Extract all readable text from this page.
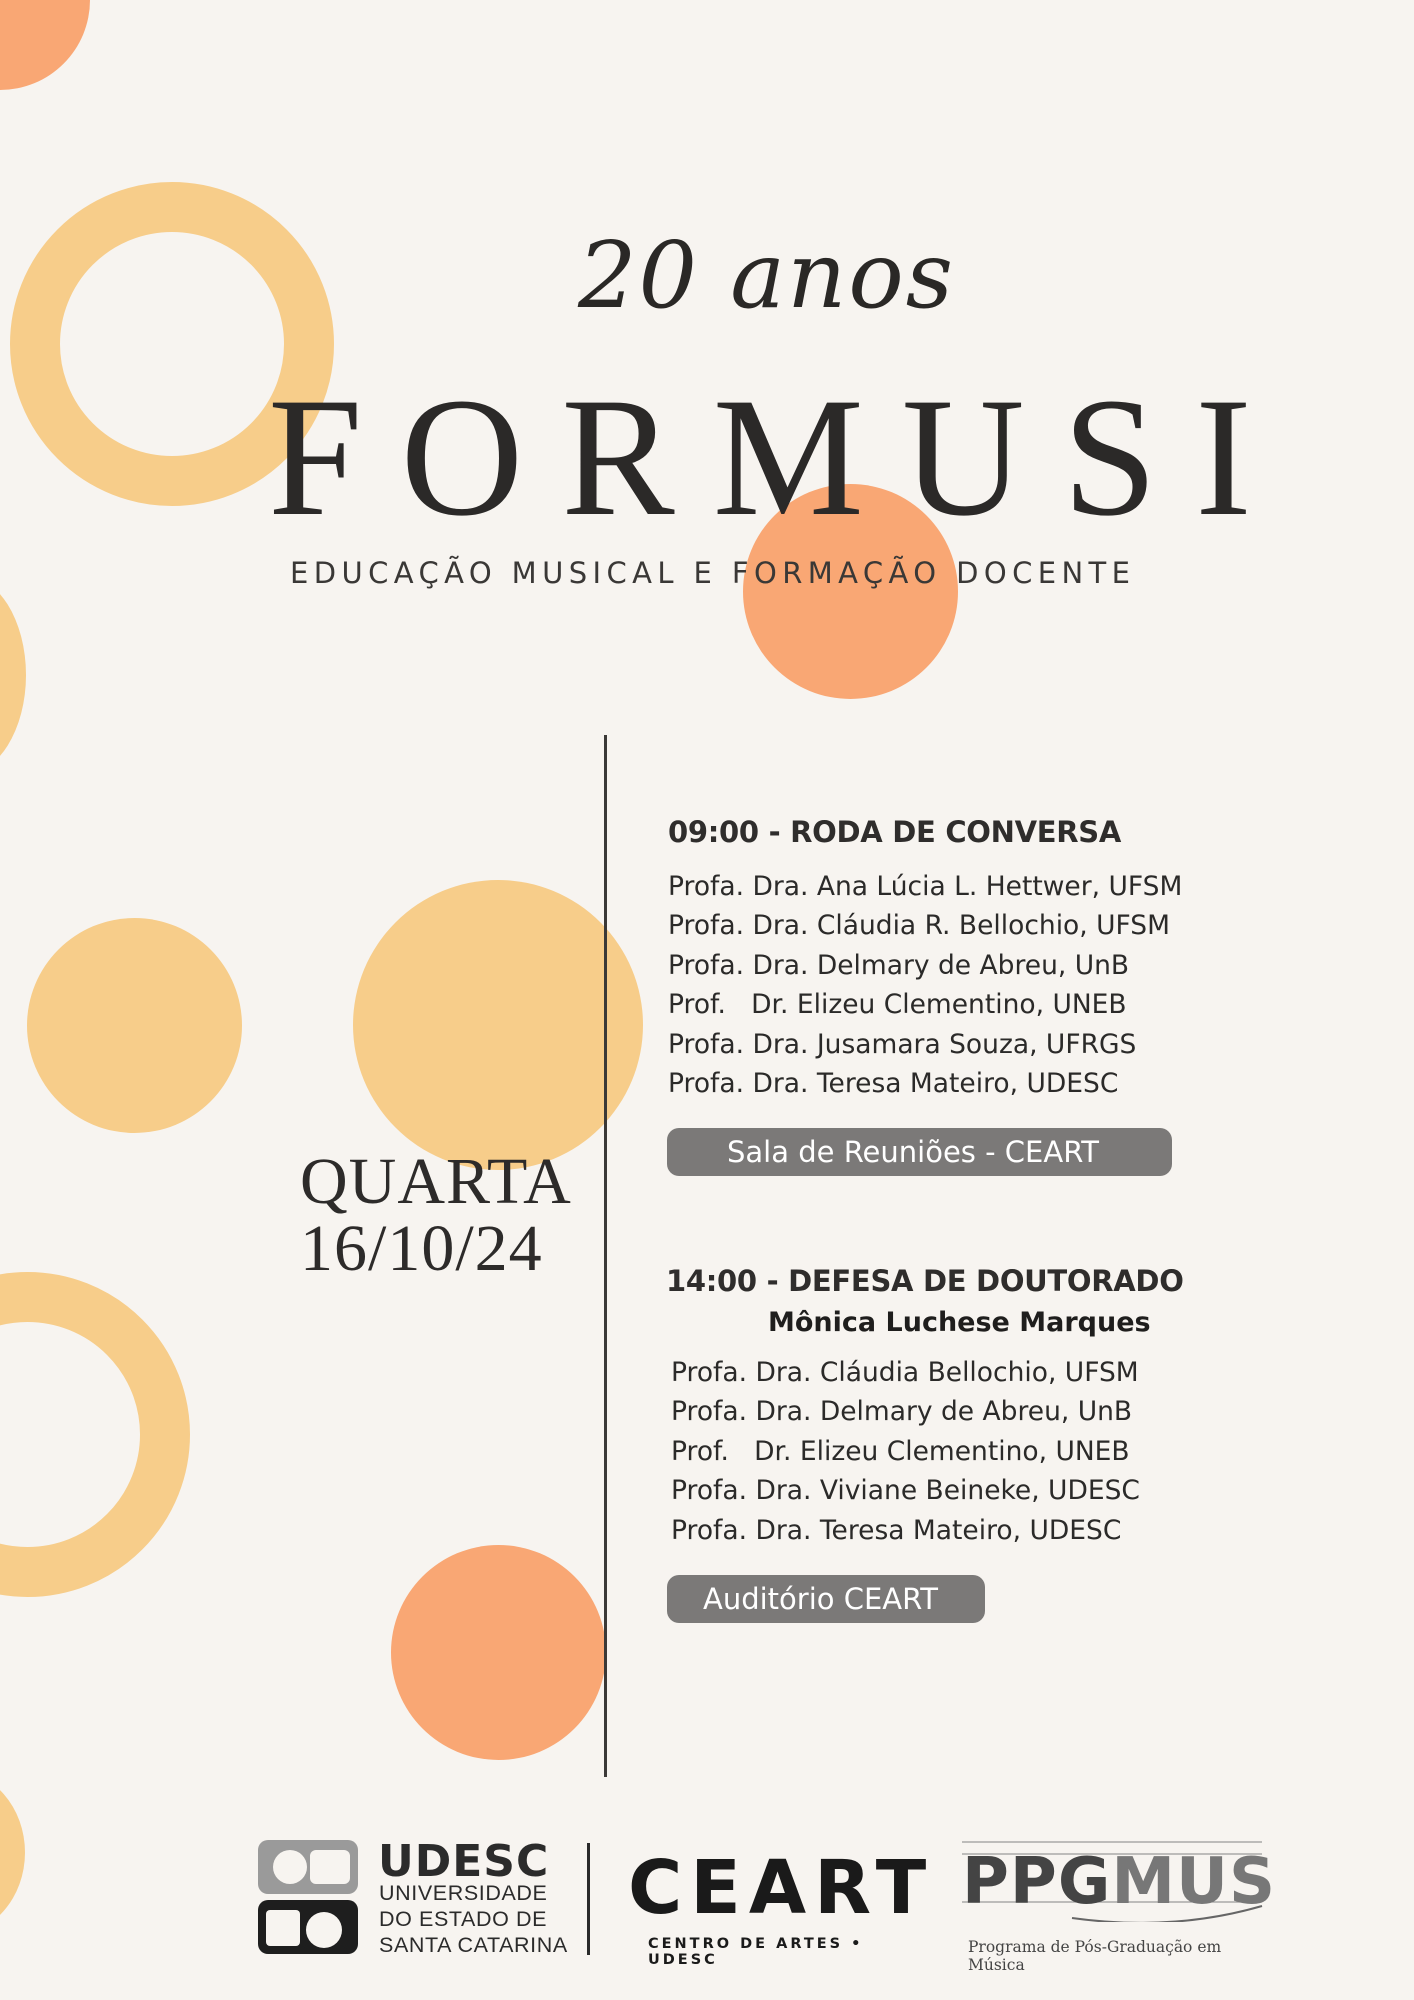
20 anos
FORMUSI
EDUCAÇÃO MUSICAL E FORMAÇÃO DOCENTE
QUARTA
16/10/24
09:00 - RODA DE CONVERSA
Profa. Dra. Ana Lúcia L. Hettwer, UFSM
Profa. Dra. Cláudia R. Bellochio, UFSM
Profa. Dra. Delmary de Abreu, UnB
Prof.   Dr. Elizeu Clementino, UNEB
Profa. Dra. Jusamara Souza, UFRGS
Profa. Dra. Teresa Mateiro, UDESC
Sala de Reuniões - CEART
14:00 - DEFESA DE DOUTORADO
Mônica Luchese Marques
Profa. Dra. Cláudia Bellochio, UFSM
Profa. Dra. Delmary de Abreu, UnB
Prof.   Dr. Elizeu Clementino, UNEB
Profa. Dra. Viviane Beineke, UDESC
Profa. Dra. Teresa Mateiro, UDESC
Auditório CEART
UDESC
UNIVERSIDADE
DO ESTADO DE
SANTA CATARINA
CEART
CENTRO DE ARTES • UDESC
PPGMUS
Programa de Pós-Graduação em Música
